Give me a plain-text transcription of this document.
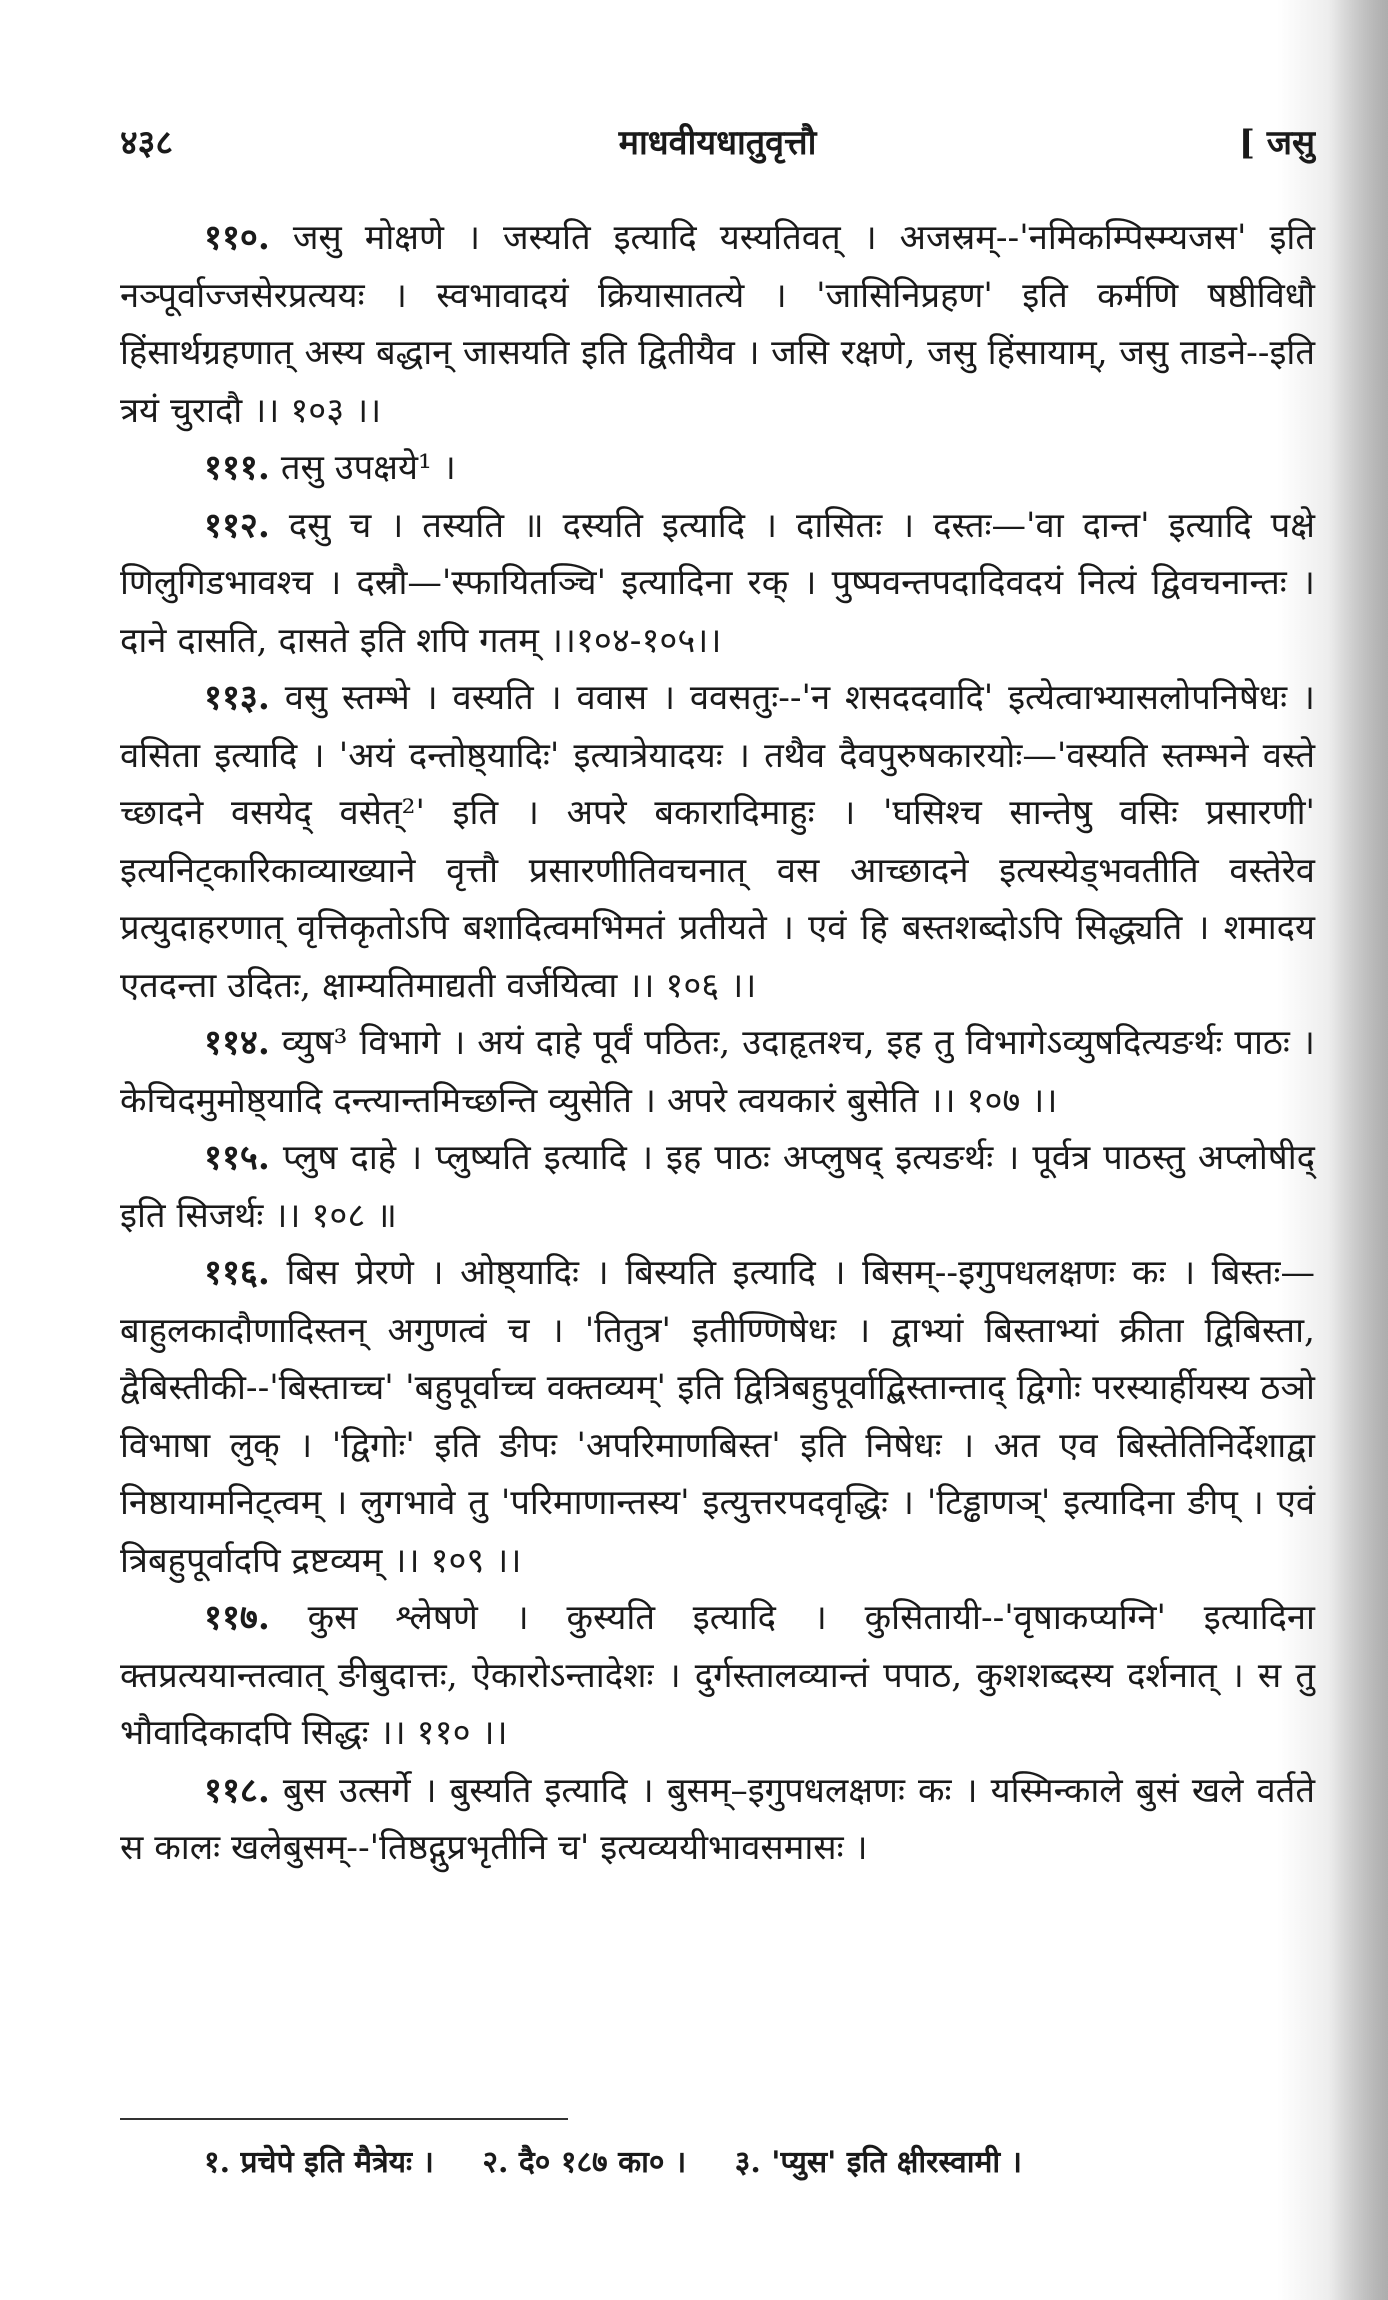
४३८	माधवीयधातुवृत्तौ	[ जसु

११०. जसु मोक्षणे । जस्यति इत्यादि यस्यतिवत् । अजस्रम्--'नमिकम्पिस्म्यजस' इति नञ्पूर्वाज्जसेरप्रत्ययः । स्वभावादयं क्रियासातत्ये । 'जासिनिप्रहण' इति कर्मणि षष्ठीविधौ हिंसार्थग्रहणात् अस्य बद्धान् जासयति इति द्वितीयैव । जसि रक्षणे, जसु हिंसायाम्, जसु ताडने--इति त्रयं चुरादौ ।। १०३ ।।

१११. तसु उपक्षये¹ ।

११२. दसु च । तस्यति ॥ दस्यति इत्यादि । दासितः । दस्तः—'वा दान्त' इत्यादि पक्षे णिलुगिडभावश्च । दस्रौ—'स्फायितञ्चि' इत्यादिना रक् । पुष्पवन्तपदादिवदयं नित्यं द्विवचनान्तः । दाने दासति, दासते इति शपि गतम् ।।१०४-१०५।।

११३. वसु स्तम्भे । वस्यति । ववास । ववसतुः--'न शसददवादि' इत्येत्वाभ्यासलोपनिषेधः । वसिता इत्यादि । 'अयं दन्तोष्ठ्यादिः' इत्यात्रेयादयः । तथैव दैवपुरुषकारयोः—'वस्यति स्तम्भने वस्ते च्छादने वसयेद् वसेत्²' इति । अपरे बकारादिमाहुः । 'घसिश्च सान्तेषु वसिः प्रसारणी' इत्यनिट्कारिकाव्याख्याने वृत्तौ प्रसारणीतिवचनात् वस आच्छादने इत्यस्येड्भवतीति वस्तेरेव प्रत्युदाहरणात् वृत्तिकृतोऽपि बशादित्वमभिमतं प्रतीयते । एवं हि बस्तशब्दोऽपि सिद्ध्यति । शमादय एतदन्ता उदितः, क्षाम्यतिमाद्यती वर्जयित्वा ।। १०६ ।।

११४. व्युष³ विभागे । अयं दाहे पूर्वं पठितः, उदाहृतश्च, इह तु विभागेऽव्युषदित्यङर्थः पाठः । केचिदमुमोष्ठ्यादि दन्त्यान्तमिच्छन्ति व्युसेति । अपरे त्वयकारं बुसेति ।। १०७ ।।

११५. प्लुष दाहे । प्लुष्यति इत्यादि । इह पाठः अप्लुषद् इत्यङर्थः । पूर्वत्र पाठस्तु अप्लोषीद् इति सिजर्थः ।। १०८ ॥

११६. बिस प्रेरणे । ओष्ठ्यादिः । बिस्यति इत्यादि । बिसम्--इगुपधलक्षणः कः । बिस्तः—बाहुलकादौणादिस्तन् अगुणत्वं च । 'तितुत्र' इतीण्णिषेधः । द्वाभ्यां बिस्ताभ्यां क्रीता द्विबिस्ता, द्वैबिस्तीकी--'बिस्ताच्च' 'बहुपूर्वाच्च वक्तव्यम्' इति द्वित्रिबहुपूर्वाद्बिस्तान्ताद् द्विगोः परस्यार्हीयस्य ठञो विभाषा लुक् । 'द्विगोः' इति ङीपः 'अपरिमाणबिस्त' इति निषेधः । अत एव बिस्तेतिनिर्देशाद्वा निष्ठायामनिट्त्वम् । लुगभावे तु 'परिमाणान्तस्य' इत्युत्तरपदवृद्धिः । 'टिड्ढाणञ्' इत्यादिना ङीप् । एवं त्रिबहुपूर्वादपि द्रष्टव्यम् ।। १०९ ।।

११७. कुस श्लेषणे । कुस्यति इत्यादि । कुसितायी--'वृषाकप्यग्नि' इत्यादिना क्तप्रत्ययान्तत्वात् ङीबुदात्तः, ऐकारोऽन्तादेशः । दुर्गस्तालव्यान्तं पपाठ, कुशशब्दस्य दर्शनात् । स तु भौवादिकादपि सिद्धः ।। ११० ।।

११८. बुस उत्सर्गे । बुस्यति इत्यादि । बुसम्–इगुपधलक्षणः कः । यस्मिन्काले बुसं खले वर्तते स कालः खलेबुसम्--'तिष्ठद्गुप्रभृतीनि च' इत्यव्ययीभावसमासः ।

१. प्रचेपे इति मैत्रेयः । २. दै० १८७ का० । ३. 'प्युस' इति क्षीरस्वामी ।
